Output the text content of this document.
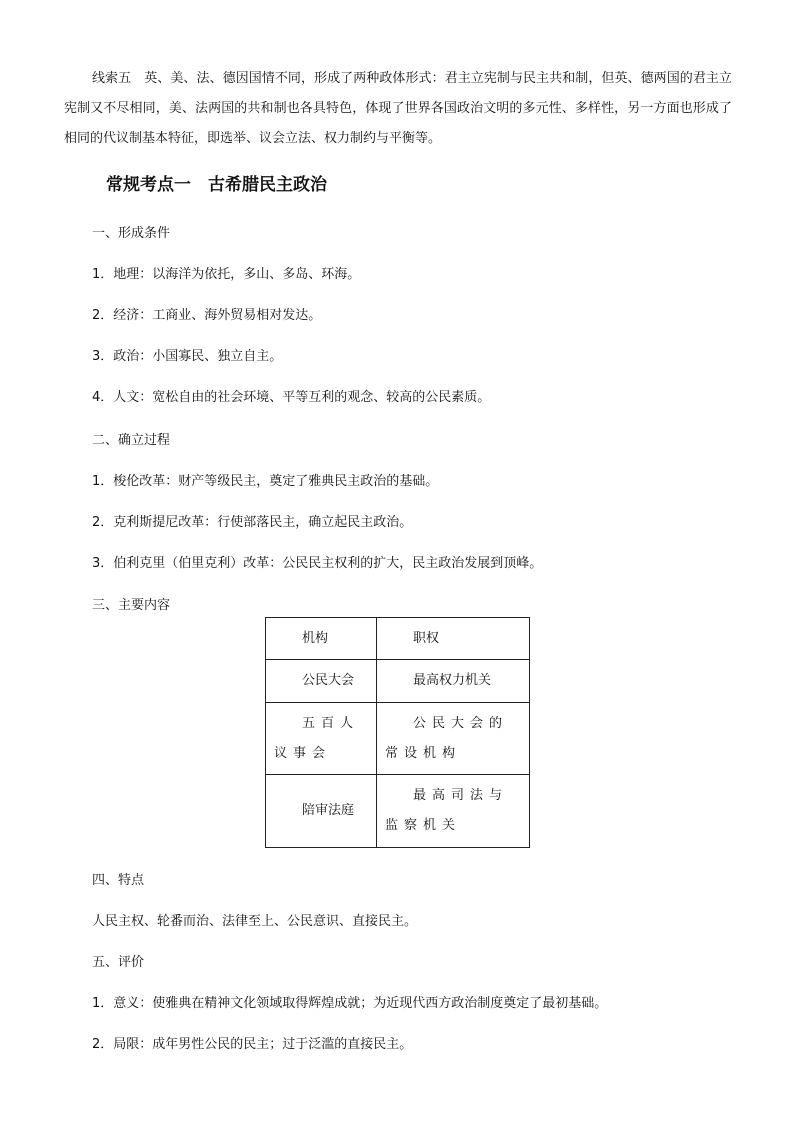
线索五　英、美、法、德因国情不同，形成了两种政体形式：君主立宪制与民主共和制，但英、德两国的君主立宪制又不尽相同，美、法两国的共和制也各具特色，体现了世界各国政治文明的多元性、多样性，另一方面也形成了相同的代议制基本特征，即选举、议会立法、权力制约与平衡等。

常规考点一　古希腊民主政治

一、形成条件

1．地理：以海洋为依托，多山、多岛、环海。

2．经济：工商业、海外贸易相对发达。

3．政治：小国寡民、独立自主。

4．人文：宽松自由的社会环境、平等互利的观念、较高的公民素质。

二、确立过程

1．梭伦改革：财产等级民主，奠定了雅典民主政治的基础。

2．克利斯提尼改革：行使部落民主，确立起民主政治。

3．伯利克里（伯里克利）改革：公民民主权利的扩大，民主政治发展到顶峰。

三、主要内容

机构	职权

公民大会	最高权力机关

五百人议事会	公民大会的常设机构

陪审法庭	最高司法与监察机关

四、特点

人民主权、轮番而治、法律至上、公民意识、直接民主。

五、评价

1．意义：使雅典在精神文化领域取得辉煌成就；为近现代西方政治制度奠定了最初基础。

2．局限：成年男性公民的民主；过于泛滥的直接民主。
